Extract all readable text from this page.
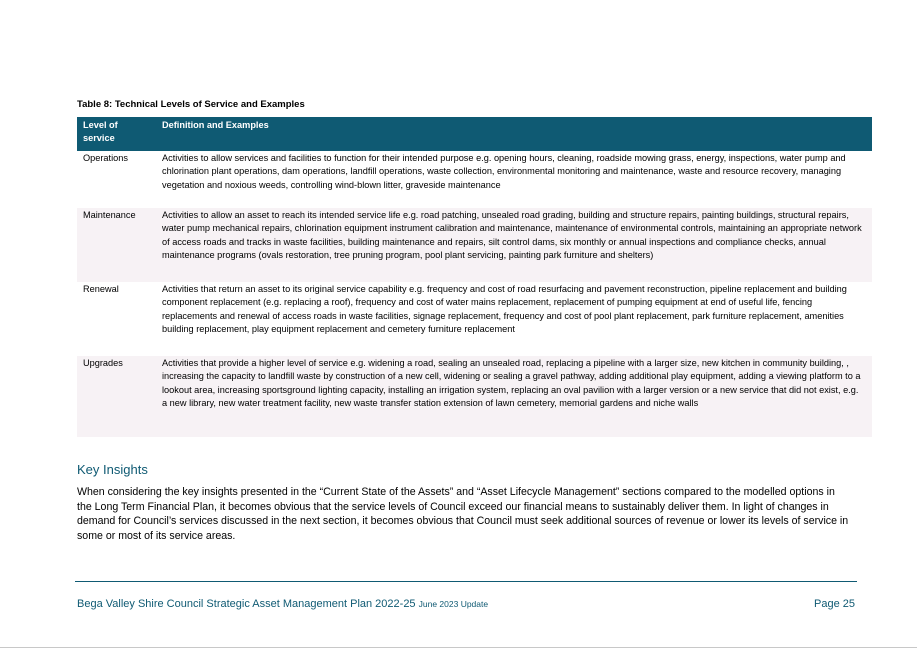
Table 8: Technical Levels of Service and Examples
Level of service	Definition and Examples
Operations	Activities to allow services and facilities to function for their intended purpose e.g. opening hours, cleaning, roadside mowing grass, energy, inspections, water pump and chlorination plant operations, dam operations, landfill operations, waste collection, environmental monitoring and maintenance, waste and resource recovery, managing vegetation and noxious weeds, controlling wind-blown litter, graveside maintenance
Maintenance	Activities to allow an asset to reach its intended service life e.g. road patching, unsealed road grading, building and structure repairs, painting buildings, structural repairs, water pump mechanical repairs, chlorination equipment instrument calibration and maintenance, maintenance of environmental controls, maintaining an appropriate network of access roads and tracks in waste facilities, building maintenance and repairs, silt control dams, six monthly or annual inspections and compliance checks, annual maintenance programs (ovals restoration, tree pruning program, pool plant servicing, painting park furniture and shelters)
Renewal	Activities that return an asset to its original service capability e.g. frequency and cost of road resurfacing and pavement reconstruction, pipeline replacement and building component replacement (e.g. replacing a roof), frequency and cost of water mains replacement, replacement of pumping equipment at end of useful life, fencing replacements and renewal of access roads in waste facilities, signage replacement, frequency and cost of pool plant replacement, park furniture replacement, amenities building replacement, play equipment replacement and cemetery furniture replacement
Upgrades	Activities that provide a higher level of service e.g. widening a road, sealing an unsealed road, replacing a pipeline with a larger size, new kitchen in community building, , increasing the capacity to landfill waste by construction of a new cell, widening or sealing a gravel pathway, adding additional play equipment, adding a viewing platform to a lookout area, increasing sportsground lighting capacity, installing an irrigation system, replacing an oval pavilion with a larger version or a new service that did not exist, e.g. a new library, new water treatment facility, new waste transfer station extension of lawn cemetery, memorial gardens and niche walls
Key Insights
When considering the key insights presented in the “Current State of the Assets” and “Asset Lifecycle Management” sections compared to the modelled options in the Long Term Financial Plan, it becomes obvious that the service levels of Council exceed our financial means to sustainably deliver them. In light of changes in demand for Council’s services discussed in the next section, it becomes obvious that Council must seek additional sources of revenue or lower its levels of service in some or most of its service areas.
Bega Valley Shire Council Strategic Asset Management Plan 2022-25 June 2023 Update	Page 25
